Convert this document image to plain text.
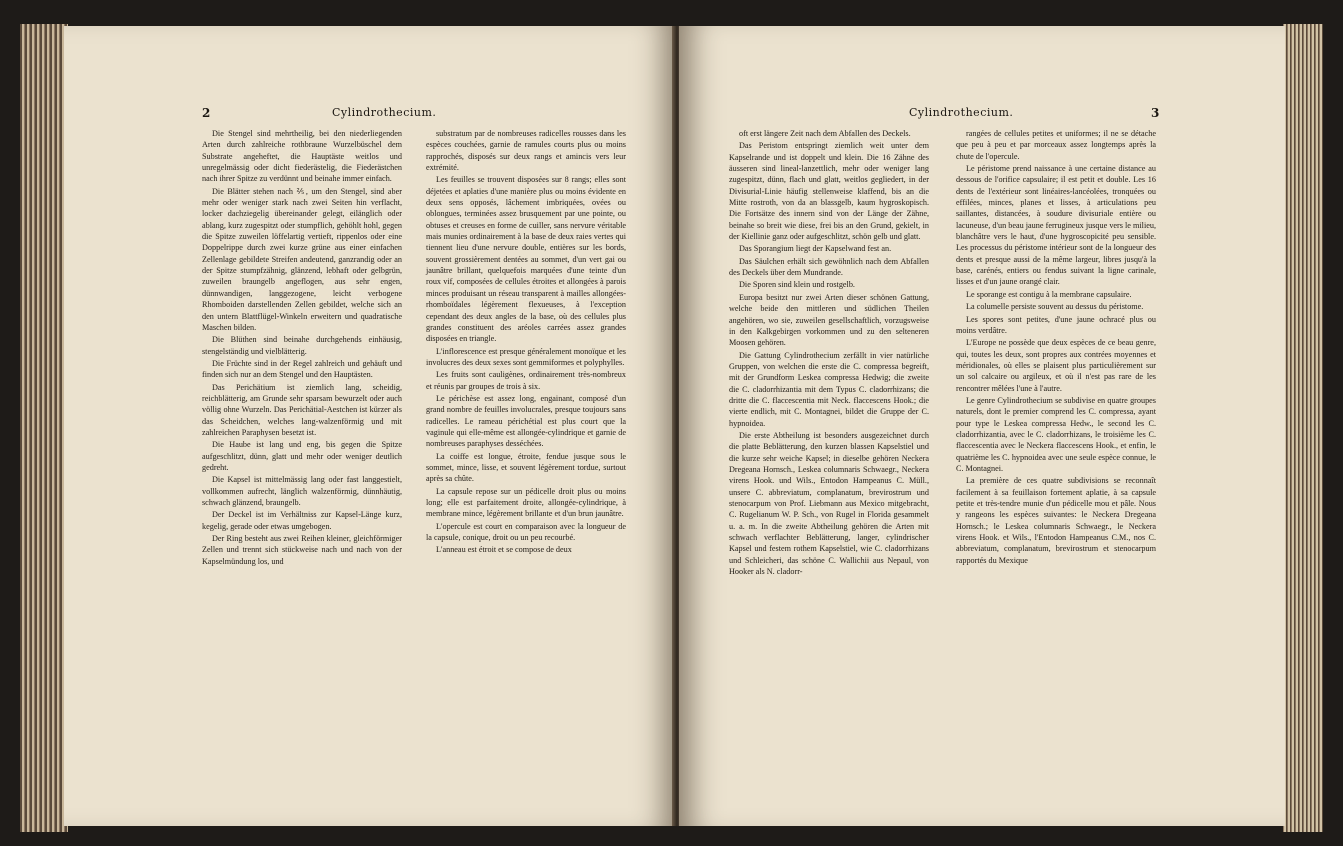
2	Cylindrothecium.

Die Stengel sind mehrtheilig, bei den niederliegenden Arten durch zahlreiche rothbraune Wurzelbüschel dem Substrate angeheftet, die Hauptäste weitlos und unregelmässig oder dicht fiederästelig, die Fiederästchen nach ihrer Spitze zu verdünnt und beinahe immer einfach.

Die Blätter stehen nach ⅖, um den Stengel, sind aber mehr oder weniger stark nach zwei Seiten hin verflacht, locker dachziegelig übereinander gelegt, eilänglich oder ablang, kurz zugespitzt oder stumpflich, gehöhlt hohl, gegen die Spitze zuweilen löffelartig vertieft, rippenlos oder eine Doppelrippe durch zwei kurze grüne aus einer einfachen Zellenlage gebildete Streifen andeutend, ganzrandig oder an der Spitze stumpfzähnig, glänzend, lebhaft oder gelbgrün, zuweilen braungelb angeflogen, aus sehr engen, dünnwandigen, langgezogene, leicht verbogene Rhomboiden darstellenden Zellen gebildet, welche sich an den untern Blattflügel-Winkeln erweitern und quadratische Maschen bilden.

Die Blüthen sind beinahe durchgehends einhäusig, stengelständig und vielblätterig.

Die Früchte sind in der Regel zahlreich und gehäuft und finden sich nur an dem Stengel und den Hauptästen.

Das Perichätium ist ziemlich lang, scheidig, reichblätterig, am Grunde sehr sparsam bewurzelt oder auch völlig ohne Wurzeln. Das Perichätial-Aestchen ist kürzer als das Scheidchen, welches lang-walzenförmig und mit zahlreichen Paraphysen besetzt ist.

Die Haube ist lang und eng, bis gegen die Spitze aufgeschlitzt, dünn, glatt und mehr oder weniger deutlich gedreht.

Die Kapsel ist mittelmässig lang oder fast langgestielt, vollkommen aufrecht, länglich walzenförmig, dünnhäutig, schwach glänzend, braungelb.

Der Deckel ist im Verhältniss zur Kapsel-Länge kurz, kegelig, gerade oder etwas umgebogen.

Der Ring besteht aus zwei Reihen kleiner, gleichförmiger Zellen und trennt sich stückweise nach und nach von der Kapselmündung los, und

substratum par de nombreuses radicelles rousses dans les espèces couchées, garnie de ramules courts plus ou moins rapprochés, disposés sur deux rangs et amincis vers leur extrémité.

Les feuilles se trouvent disposées sur 8 rangs; elles sont déjetées et aplaties d'une manière plus ou moins évidente en deux sens opposés, lâchement imbriquées, ovées ou oblongues, terminées assez brusquement par une pointe, ou obtuses et creuses en forme de cuiller, sans nervure véritable mais munies ordinairement à la base de deux raies vertes qui tiennent lieu d'une nervure double, entières sur les bords, souvent grossièrement dentées au sommet, d'un vert gai ou jaunâtre brillant, quelquefois marquées d'une teinte d'un roux vif, composées de cellules étroites et allongées à parois minces produisant un réseau transparent à mailles allongées-rhomboïdales légèrement flexueuses, à l'exception cependant des deux angles de la base, où des cellules plus grandes constituent des aréoles carrées assez grandes disposées en triangle.

L'inflorescence est presque généralement monoïque et les involucres des deux sexes sont gemmiformes et polyphylles.

Les fruits sont cauligènes, ordinairement très-nombreux et réunis par groupes de trois à six.

Le périchèse est assez long, engainant, composé d'un grand nombre de feuilles involucrales, presque toujours sans radicelles. Le rameau périchétial est plus court que la vaginule qui elle-même est allongée-cylindrique et garnie de nombreuses paraphyses desséchées.

La coiffe est longue, étroite, fendue jusque sous le sommet, mince, lisse, et souvent légèrement tordue, surtout après sa chûte.

La capsule repose sur un pédicelle droit plus ou moins long; elle est parfaitement droite, allongée-cylindrique, à membrane mince, légèrement brillante et d'un brun jaunâtre.

L'opercule est court en comparaison avec la longueur de la capsule, conique, droit ou un peu recourbé.

L'anneau est étroit et se compose de deux

Cylindrothecium.	3

oft erst längere Zeit nach dem Abfallen des Deckels.

Das Peristom entspringt ziemlich weit unter dem Kapselrande und ist doppelt und klein. Die 16 Zähne des äusseren sind lineal-lanzettlich, mehr oder weniger lang zugespitzt, dünn, flach und glatt, weitlos gegliedert, in der Divisurial-Linie häufig stellenweise klaffend, bis an die Mitte rostroth, von da an blassgelb, kaum hygroskopisch. Die Fortsätze des innern sind von der Länge der Zähne, beinahe so breit wie diese, frei bis an den Grund, gekielt, in der Kiellinie ganz oder aufgeschlitzt, schön gelb und glatt.

Das Sporangium liegt der Kapselwand fest an.

Das Säulchen erhält sich gewöhnlich nach dem Abfallen des Deckels über dem Mundrande.

Die Sporen sind klein und rostgelb.

Europa besitzt nur zwei Arten dieser schönen Gattung, welche beide den mittleren und südlichen Theilen angehören, wo sie, zuweilen gesellschaftlich, vorzugsweise in den Kalkgebirgen vorkommen und zu den selteneren Moosen gehören.

Die Gattung Cylindrothecium zerfällt in vier natürliche Gruppen, von welchen die erste die C. compressa begreift, mit der Grundform Leskea compressa Hedwig; die zweite die C. cladorrhizantia mit dem Typus C. cladorrhizans; die dritte die C. flaccescentia mit Neck. flaccescens Hook.; die vierte endlich, mit C. Montagnei, bildet die Gruppe der C. hypnoidea.

Die erste Abtheilung ist besonders ausgezeichnet durch die platte Beblätterung, den kurzen blassen Kapselstiel und die kurze sehr weiche Kapsel; in dieselbe gehören Neckera Dregeana Hornsch., Leskea columnaris Schwaegr., Neckera virens Hook. und Wils., Entodon Hampeanus C. Müll., unsere C. abbreviatum, complanatum, brevirostrum und stenocarpum von Prof. Liebmann aus Mexico mitgebracht, C. Rugelianum W. P. Sch., von Rugel in Florida gesammelt u. a. m. In die zweite Abtheilung gehören die Arten mit schwach verflachter Beblätterung, langer, cylindrischer Kapsel und festem rothem Kapselstiel, wie C. cladorrhizans und Schleicheri, das schöne C. Wallichii aus Nepaul, von Hooker als N. cladorr-

rangées de cellules petites et uniformes; il ne se détache que peu à peu et par morceaux assez longtemps après la chute de l'opercule.

Le péristome prend naissance à une certaine distance au dessous de l'orifice capsulaire; il est petit et double. Les 16 dents de l'extérieur sont linéaires-lancéolées, tronquées ou effilées, minces, planes et lisses, à articulations peu saillantes, distancées, à soudure divisuriale entière ou lacuneuse, d'un beau jaune ferrugineux jusque vers le milieu, blanchâtre vers le haut, d'une hygroscopicité peu sensible. Les processus du péristome intérieur sont de la longueur des dents et presque aussi de la même largeur, libres jusqu'à la base, carénés, entiers ou fendus suivant la ligne carinale, lisses et d'un jaune orangé clair.

Le sporange est contigu à la membrane capsulaire.

La columelle persiste souvent au dessus du péristome.

Les spores sont petites, d'une jaune ochracé plus ou moins verdâtre.

L'Europe ne possède que deux espèces de ce beau genre, qui, toutes les deux, sont propres aux contrées moyennes et méridionales, où elles se plaisent plus particulièrement sur un sol calcaire ou argileux, et où il n'est pas rare de les rencontrer mêlées l'une à l'autre.

Le genre Cylindrothecium se subdivise en quatre groupes naturels, dont le premier comprend les C. compressa, ayant pour type le Leskea compressa Hedw., le second les C. cladorrhizantia, avec le C. cladorrhizans, le troisième les C. flaccescentia avec le Neckera flaccescens Hook., et enfin, le quatrième les C. hypnoidea avec une seule espèce connue, le C. Montagnei.

La première de ces quatre subdivisions se reconnaît facilement à sa feuillaison fortement aplatie, à sa capsule petite et très-tendre munie d'un pédicelle mou et pâle. Nous y rangeons les espèces suivantes: le Neckera Dregeana Hornsch.; le Leskea columnaris Schwaegr., le Neckera virens Hook. et Wils., l'Entodon Hampeanus C.M., nos C. abbreviatum, complanatum, brevirostrum et stenocarpum rapportés du Mexique
